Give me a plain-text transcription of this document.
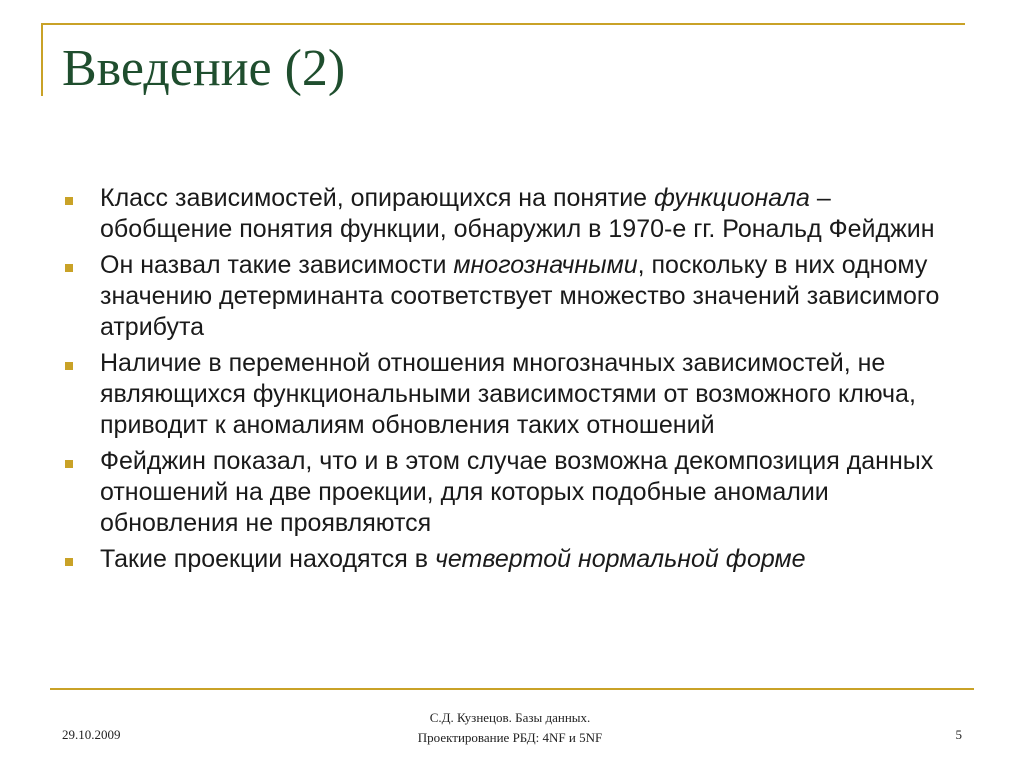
Введение (2)
Класс зависимостей, опирающихся на понятие функционала – обобщение понятия функции, обнаружил в 1970-е гг. Рональд Фейджин
Он назвал такие зависимости многозначными, поскольку в них одному значению детерминанта соответствует множество значений зависимого атрибута
Наличие в переменной отношения многозначных зависимостей, не являющихся функциональными зависимостями от возможного ключа, приводит к аномалиям обновления таких отношений
Фейджин показал, что и в этом случае возможна декомпозиция данных отношений на две проекции, для которых подобные аномалии обновления не проявляются
Такие проекции находятся в четвертой нормальной форме
29.10.2009
С.Д. Кузнецов. Базы данных.
Проектирование РБД: 4NF и 5NF	5
